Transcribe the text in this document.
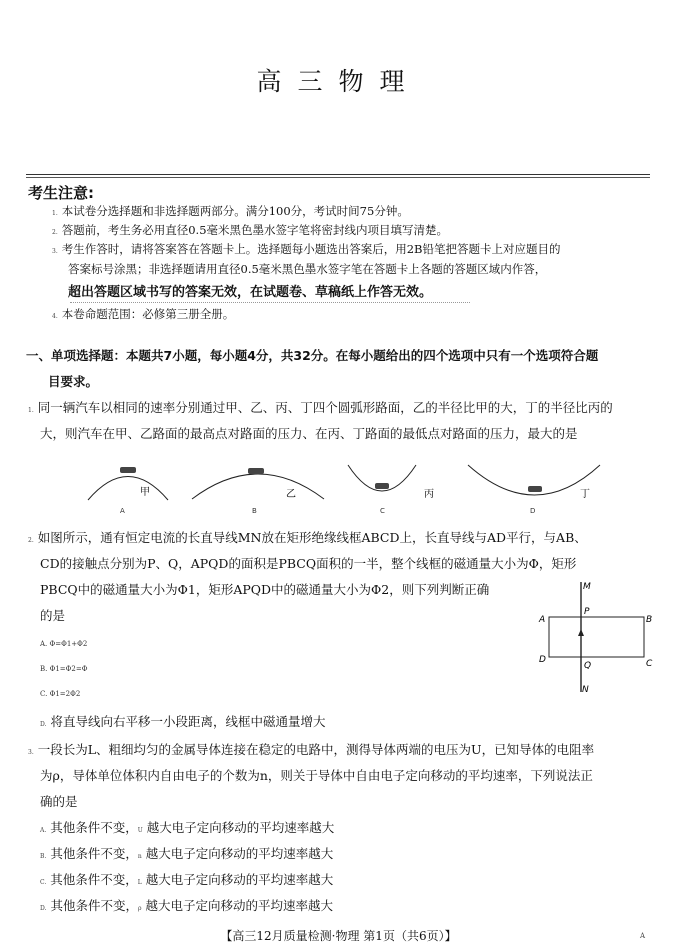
高三物理
考生注意:
1. 本试卷分选择题和非选择题两部分。满分100分，考试时间75分钟。
2. 答题前，考生务必用直径0.5毫米黑色墨水签字笔将密封线内项目填写清楚。
3. 考生作答时，请将答案答在答题卡上。选择题每小题选出答案后，用2B铅笔把答题卡上对应题目的
答案标号涂黑；非选择题请用直径0.5毫米黑色墨水签字笔在答题卡上各题的答题区域内作答，
超出答题区域书写的答案无效，在试题卷、草稿纸上作答无效。
4. 本卷命题范围：必修第三册全册。
一、单项选择题：本题共7小题，每小题4分，共32分。在每小题给出的四个选项中只有一个选项符合题
目要求。
1. 同一辆汽车以相同的速率分别通过甲、乙、丙、丁四个圆弧形路面，乙的半径比甲的大，丁的半径比丙的
大，则汽车在甲、乙路面的最高点对路面的压力、在丙、丁路面的最低点对路面的压力，最大的是
甲
A
乙
B
丙
C
丁
D
2. 如图所示，通有恒定电流的长直导线MN放在矩形绝缘线框ABCD上，长直导线与AD平行，与AB、
CD的接触点分别为P、Q，APQD的面积是PBCQ面积的一半，整个线框的磁通量大小为Φ，矩形
PBCQ中的磁通量大小为Φ1，矩形APQD中的磁通量大小为Φ2，则下列判断正确
的是
A. Φ=Φ1+Φ2
B. Φ1=Φ2=Φ
C. Φ1=2Φ2
D. 将直导线向右平移一小段距离，线框中磁通量增大
M
N
A	B
C
D
P
Q
3. 一段长为L、粗细均匀的金属导体连接在稳定的电路中，测得导体两端的电压为U，已知导体的电阻率
为ρ，导体单位体积内自由电子的个数为n，则关于导体中自由电子定向移动的平均速率，下列说法正
确的是
A. 其他条件不变，U 越大电子定向移动的平均速率越大
B. 其他条件不变，n 越大电子定向移动的平均速率越大
C. 其他条件不变，L 越大电子定向移动的平均速率越大
D. 其他条件不变，ρ 越大电子定向移动的平均速率越大
【高三12月质量检测·物理 第1页（共6页）】	A
